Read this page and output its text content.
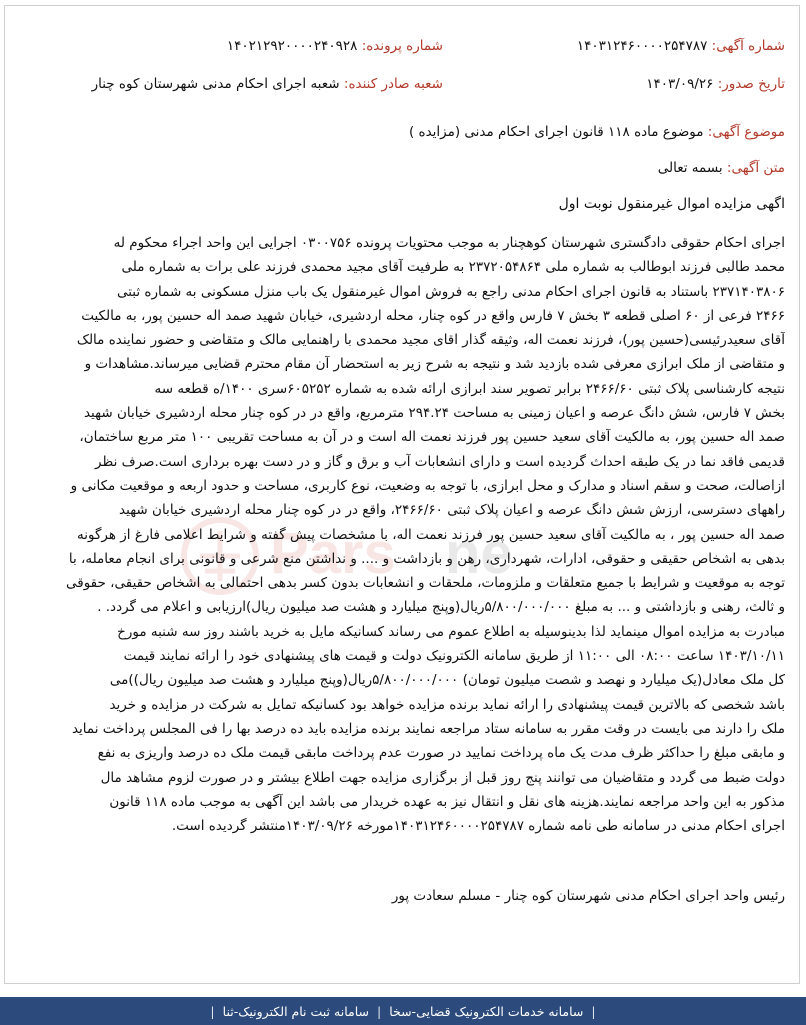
شماره آگهی: ۱۴۰۳۱۲۴۶۰۰۰۰۲۵۴۷۸۷
شماره پرونده: ۱۴۰۲۱۲۹۲۰۰۰۰۲۴۰۹۲۸
تاریخ صدور: ۱۴۰۳/۰۹/۲۶
شعبه صادر کننده: شعبه اجرای احکام مدنی شهرستان کوه چنار
موضوع آگهی: موضوع ماده ۱۱۸ قانون اجرای احکام مدنی (مزایده )
متن آگهی: بسمه تعالی
اگهی مزایده اموال غیرمنقول نوبت اول
Pars ne
اجرای احکام حقوقی دادگستری شهرستان کوهچنار به موجب محتویات پرونده ۰۳۰۰۷۵۶ اجرایی این واحد اجراء محکوم له
محمد طالبی فرزند ابوطالب به شماره ملی ۲۳۷۲۰۵۴۸۶۴ به طرفیت آقای مجید محمدی فرزند علی برات به شماره ملی
۲۳۷۱۴۰۳۸۰۶ باستناد به قانون اجرای احکام مدنی راجع به فروش اموال غیرمنقول یک باب منزل مسکونی به شماره ثبتی
۲۴۶۶ فرعی از ۶۰ اصلی قطعه ۳ بخش ۷ فارس واقع در کوه چنار، محله اردشیری، خیابان شهید صمد اله حسین پور، به مالکیت
آقای سعیدرئیسی(حسین پور)، فرزند نعمت اله، وثیقه گذار اقای مجید محمدی با راهنمایی مالک و متقاضی و حضور نماینده مالک
و متقاضی از ملک ابرازی معرفی شده بازدید شد و نتیجه به شرح زیر به استحضار آن مقام محترم قضایی میرساند.مشاهدات و
نتیجه کارشناسی پلاک ثبتی ۲۴۶۶/۶۰ برابر تصویر سند ابرازی ارائه شده به شماره ۶۰۵۲۵۲سری ۱۴۰۰/ه قطعه سه
بخش ۷ فارس، شش دانگ عرصه و اعیان زمینی به مساحت ۲۹۴.۲۴ مترمربع، واقع در در کوه چنار محله اردشیری خیابان شهید
صمد اله حسین پور، به مالکیت آقای سعید حسین پور فرزند نعمت اله است و در آن به مساحت تقریبی ۱۰۰ متر مربع ساختمان،
قدیمی فاقد نما در یک طبقه احداث گردیده است و دارای انشعابات آب و برق و گاز و در دست بهره برداری است.صرف نظر
ازاصالت، صحت و سقم اسناد و مدارک و محل ابرازی، با توجه به وضعیت، نوع کاربری، مساحت و حدود اربعه و موقعیت مکانی و
راههای دسترسی، ارزش شش دانگ عرصه و اعیان پلاک ثبتی ۲۴۶۶/۶۰، واقع در در کوه چنار محله اردشیری خیابان شهید
صمد اله حسین پور ، به مالکیت آقای سعید حسین پور فرزند نعمت اله، با مشخصات پیش گفته و شرایط اعلامی فارغ از هرگونه
بدهی به اشخاص حقیقی و حقوقی، ادارات، شهرداری، رهن و بازداشت و .... و نداشتن منع شرعی و قانونی برای انجام معامله، با
توجه به موقعیت و شرایط با جمیع متعلقات و ملزومات، ملحقات و انشعابات بدون کسر بدهی احتمالی به اشخاص حقیقی، حقوقی
و ثالث، رهنی و بازداشتی و ... به مبلغ ۵/۸۰۰/۰۰۰/۰۰۰ریال(وپنج میلیارد و هشت صد میلیون ریال)ارزیابی و اعلام می گردد. .
مبادرت به مزایده اموال مینماید لذا بدینوسیله به اطلاع عموم می رساند کسانیکه مایل به خرید باشند روز سه شنبه مورخ
۱۴۰۳/۱۰/۱۱ ساعت ۰۸:۰۰ الی ۱۱:۰۰ از طریق سامانه الکترونیک دولت و قیمت های پیشنهادی خود را ارائه نمایند قیمت
کل ملک معادل(یک میلیارد و نهصد و شصت میلیون تومان) ۵/۸۰۰/۰۰۰/۰۰۰ریال(وپنج میلیارد و هشت صد میلیون ریال))می
باشد شخصی که بالاترین قیمت پیشنهادی را ارائه نماید برنده مزایده خواهد بود کسانیکه تمایل به شرکت در مزایده و خرید
ملک را دارند می بایست در وقت مقرر به سامانه ستاد مراجعه نمایند برنده مزایده باید ده درصد بها را فی المجلس پرداخت نماید
و مابقی مبلغ را حداکثر ظرف مدت یک ماه پرداخت نمایید در صورت عدم پرداخت مابقی قیمت ملک ده درصد واریزی به نفع
دولت ضبط می گردد و متقاضیان می توانند پنج روز قبل از برگزاری مزایده جهت اطلاع بیشتر و در صورت لزوم مشاهد مال
مذکور به این واحد مراجعه نمایند.هزینه های نقل و انتقال نیز به عهده خریدار می باشد این آگهی به موجب ماده ۱۱۸ قانون
اجرای احکام مدنی در سامانه طی نامه شماره ۱۴۰۳۱۲۴۶۰۰۰۰۲۵۴۷۸۷مورخه ۱۴۰۳/۰۹/۲۶منتشر گردیده است.
رئیس واحد اجرای احکام مدنی شهرستان کوه چنار - مسلم سعادت پور
|
سامانه خدمات الکترونیک قضایی-سخا
|
سامانه ثبت نام الکترونیک-ثنا
|
